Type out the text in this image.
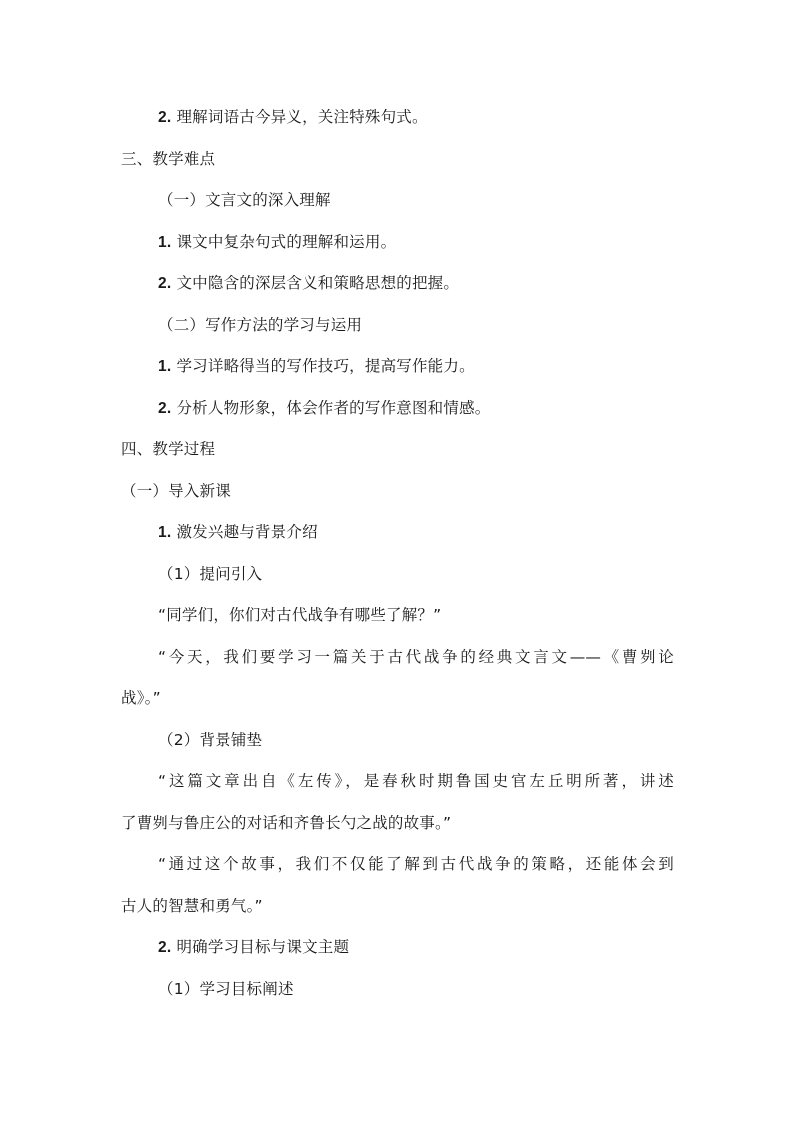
2. 理解词语古今异义，关注特殊句式。
三、教学难点
（一）文言文的深入理解
1. 课文中复杂句式的理解和运用。
2. 文中隐含的深层含义和策略思想的把握。
（二）写作方法的学习与运用
1. 学习详略得当的写作技巧，提高写作能力。
2. 分析人物形象，体会作者的写作意图和情感。
四、教学过程
（一）导入新课
1. 激发兴趣与背景介绍
（1）提问引入
“同学们，你们对古代战争有哪些了解？”
“今天，我们要学习一篇关于古代战争的经典文言文——《曹刿论
战》。”
（2）背景铺垫
“这篇文章出自《左传》，是春秋时期鲁国史官左丘明所著，讲述
了曹刿与鲁庄公的对话和齐鲁长勺之战的故事。”
“通过这个故事，我们不仅能了解到古代战争的策略，还能体会到
古人的智慧和勇气。”
2. 明确学习目标与课文主题
（1）学习目标阐述
